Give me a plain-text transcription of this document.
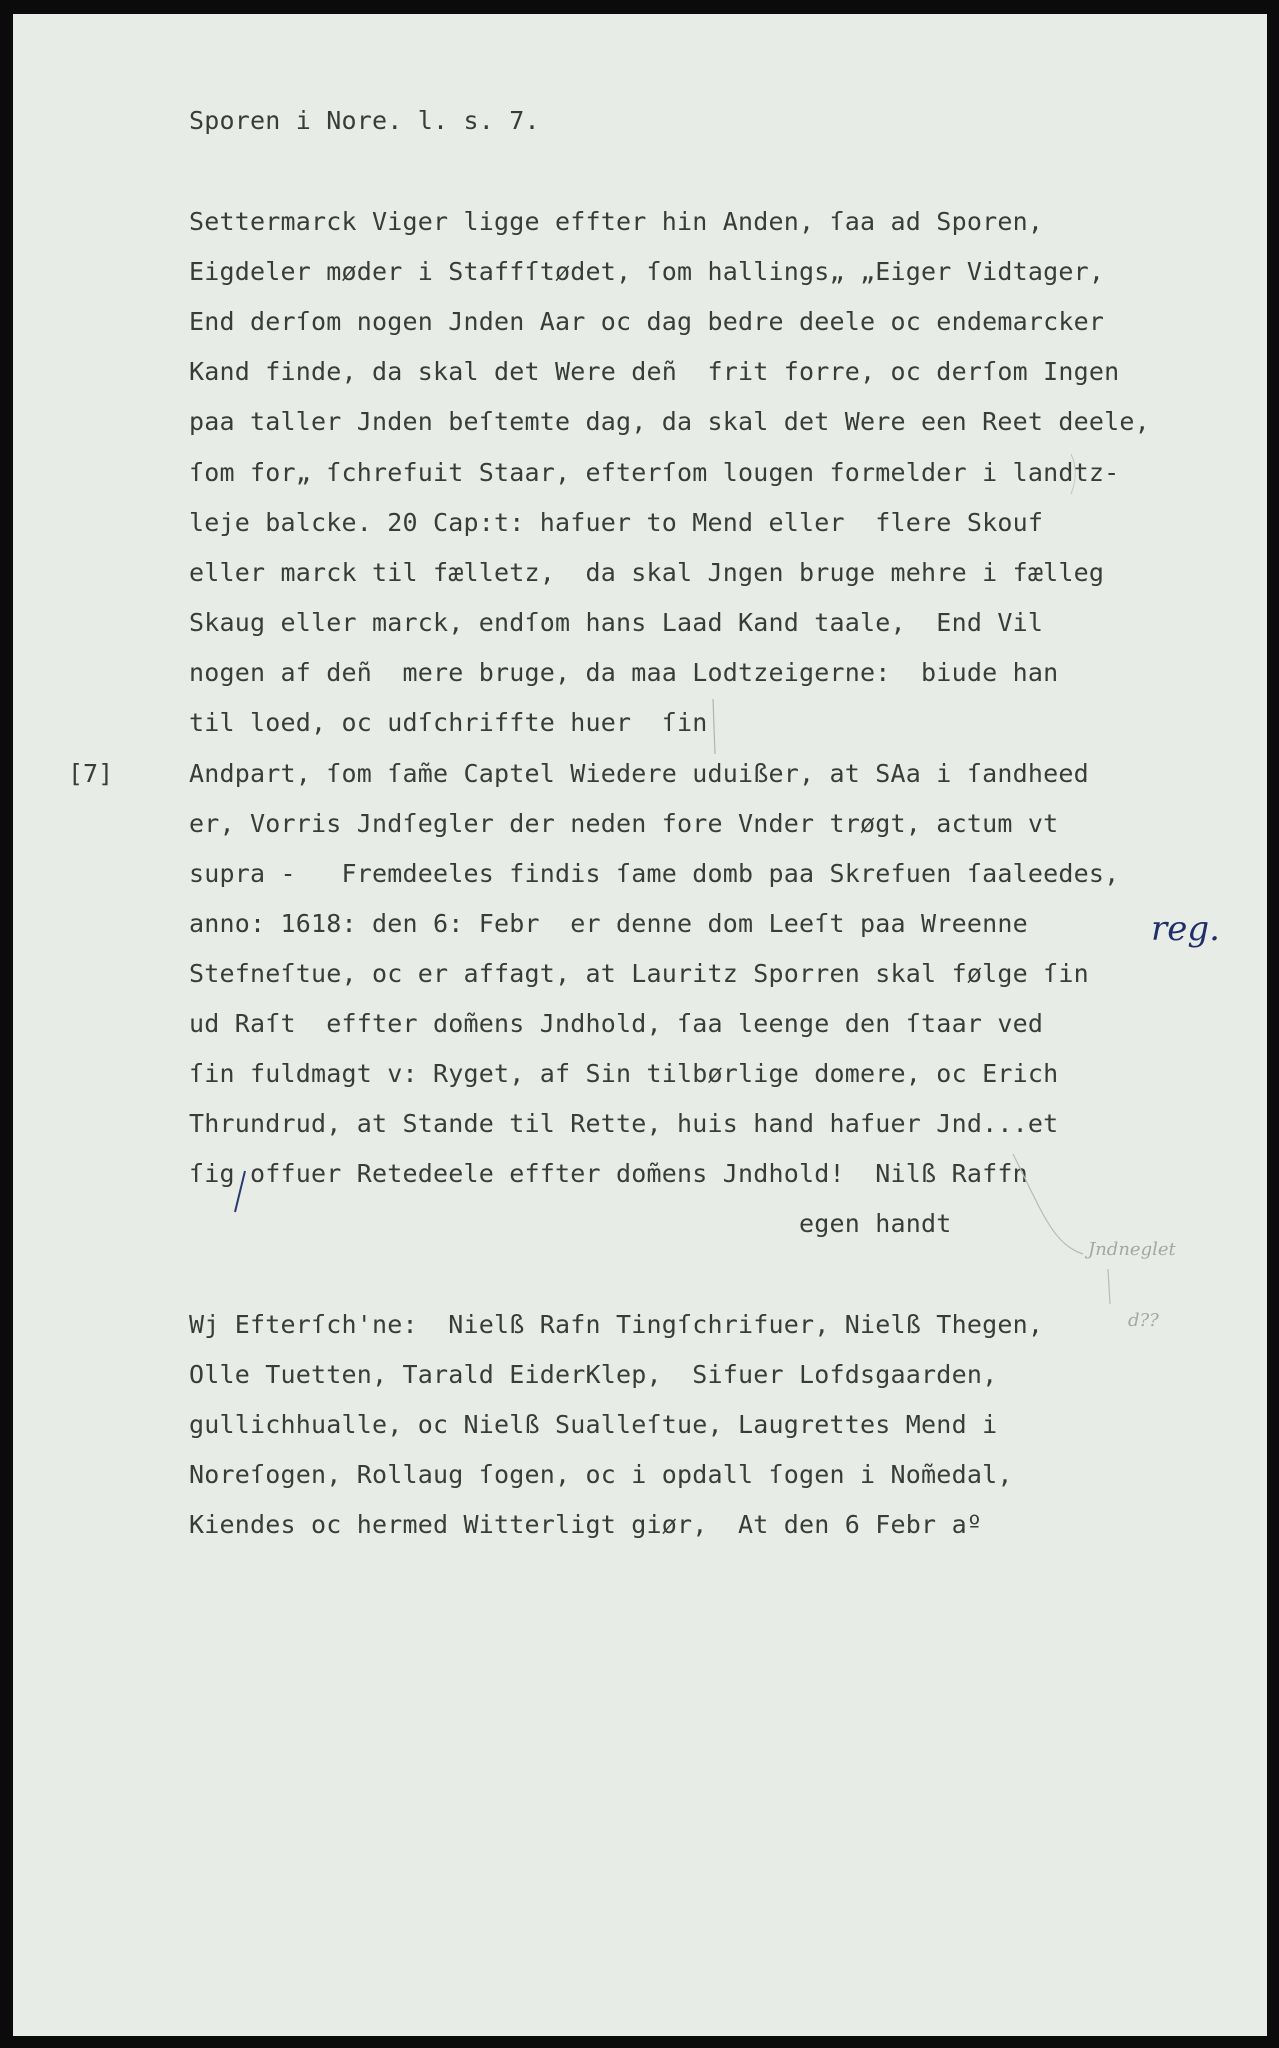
Sporen i Nore. l. s. 7.
Settermarck Viger ligge effter hin Anden, ſaa ad Sporen,
Eigdeler møder i Staffſtødet, ſom hallings„ „Eiger Vidtager,
End derſom nogen Jnden Aar oc dag bedre deele oc endemarcker
Kand finde, da skal det Were deñ  frit forre, oc derſom Ingen
paa taller Jnden beſtemte dag, da skal det Were een Reet deele,
ſom for„ ſchrefuit Staar, efterſom lougen formelder i landtz-
leje balcke. 20 Cap:t: hafuer to Mend eller  flere Skouf
eller marck til fælletz,  da skal Jngen bruge mehre i fælleg
Skaug eller marck, endſom hans Laad Kand taale,  End Vil
nogen af deñ  mere bruge, da maa Lodtzeigerne:  biude han
til loed, oc udſchriffte huer  ſin
[7]	Andpart, ſom ſam̃e Captel Wiedere uduißer, at SAa i ſandheed
er, Vorris Jndſegler der neden fore Vnder trøgt, actum vt
supra -   Fremdeeles findis ſame domb paa Skrefuen ſaaleedes,
anno: 1618: den 6: Febr  er denne dom Leeſt paa Wreenne
Stefneſtue, oc er affagt, at Lauritz Sporren skal følge ſin
ud Raſt  effter dom̃ens Jndhold, ſaa leenge den ſtaar ved
ſin fuldmagt v: Ryget, af Sin tilbørlige domere, oc Erich
Thrundrud, at Stande til Rette, huis hand hafuer Jnd...et
ſig offuer Retedeele effter dom̃ens Jndhold!  Nilß Raffn
egen handt
reg.
Jndneglet
d??
Wj Efterſch'ne:  Nielß Rafn Tingſchrifuer, Nielß Thegen,
Olle Tuetten, Tarald EiderKlep,  Sifuer Lofdsgaarden,
gullichhualle, oc Nielß Sualleſtue, Laugrettes Mend i
Noreſogen, Rollaug ſogen, oc i opdall ſogen i Nom̃edal,
Kiendes oc hermed Witterligt giør,  At den 6 Febr aº
